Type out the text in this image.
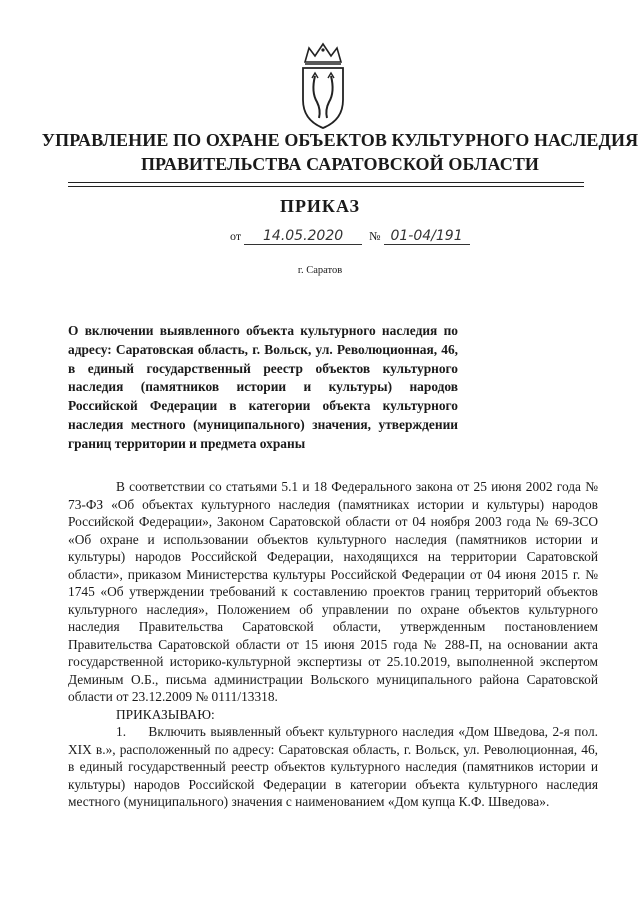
УПРАВЛЕНИЕ ПО ОХРАНЕ ОБЪЕКТОВ КУЛЬТУРНОГО НАСЛЕДИЯ
ПРАВИТЕЛЬСТВА САРАТОВСКОЙ ОБЛАСТИ
ПРИКАЗ
от 14.05.2020 № 01-04/191
г. Саратов
О включении выявленного объекта культурного наследия по адресу: Саратовская область, г. Вольск, ул. Революционная, 46, в единый государственный реестр объектов культурного наследия (памятников истории и культуры) народов Российской Федерации в категории объекта культурного наследия местного (муниципального) значения, утверждении границ территории и предмета охраны

В соответствии со статьями 5.1 и 18 Федерального закона от 25 июня 2002 года № 73-ФЗ «Об объектах культурного наследия (памятниках истории и культуры) народов Российской Федерации», Законом Саратовской области от 04 ноября 2003 года № 69-ЗСО «Об охране и использовании объектов культурного наследия (памятников истории и культуры) народов Российской Федерации, находящихся на территории Саратовской области», приказом Министерства культуры Российской Федерации от 04 июня 2015 г. № 1745 «Об утверждении требований к составлению проектов границ территорий объектов культурного наследия», Положением об управлении по охране объектов культурного наследия Правительства Саратовской области, утвержденным постановлением Правительства Саратовской области от 15 июня 2015 года № 288-П, на основании акта государственной историко-культурной экспертизы от 25.10.2019, выполненной экспертом Деминым О.Б., письма администрации Вольского муниципального района Саратовской области от 23.12.2009 № 0111/13318.

ПРИКАЗЫВАЮ:

1.     Включить выявленный объект культурного наследия «Дом Шведова, 2-я пол. XIX в.», расположенный по адресу: Саратовская область, г. Вольск, ул. Революционная, 46, в единый государственный реестр объектов культурного наследия (памятников истории и культуры) народов Российской Федерации в категории объекта культурного наследия местного (муниципального) значения с наименованием «Дом купца К.Ф. Шведова».
